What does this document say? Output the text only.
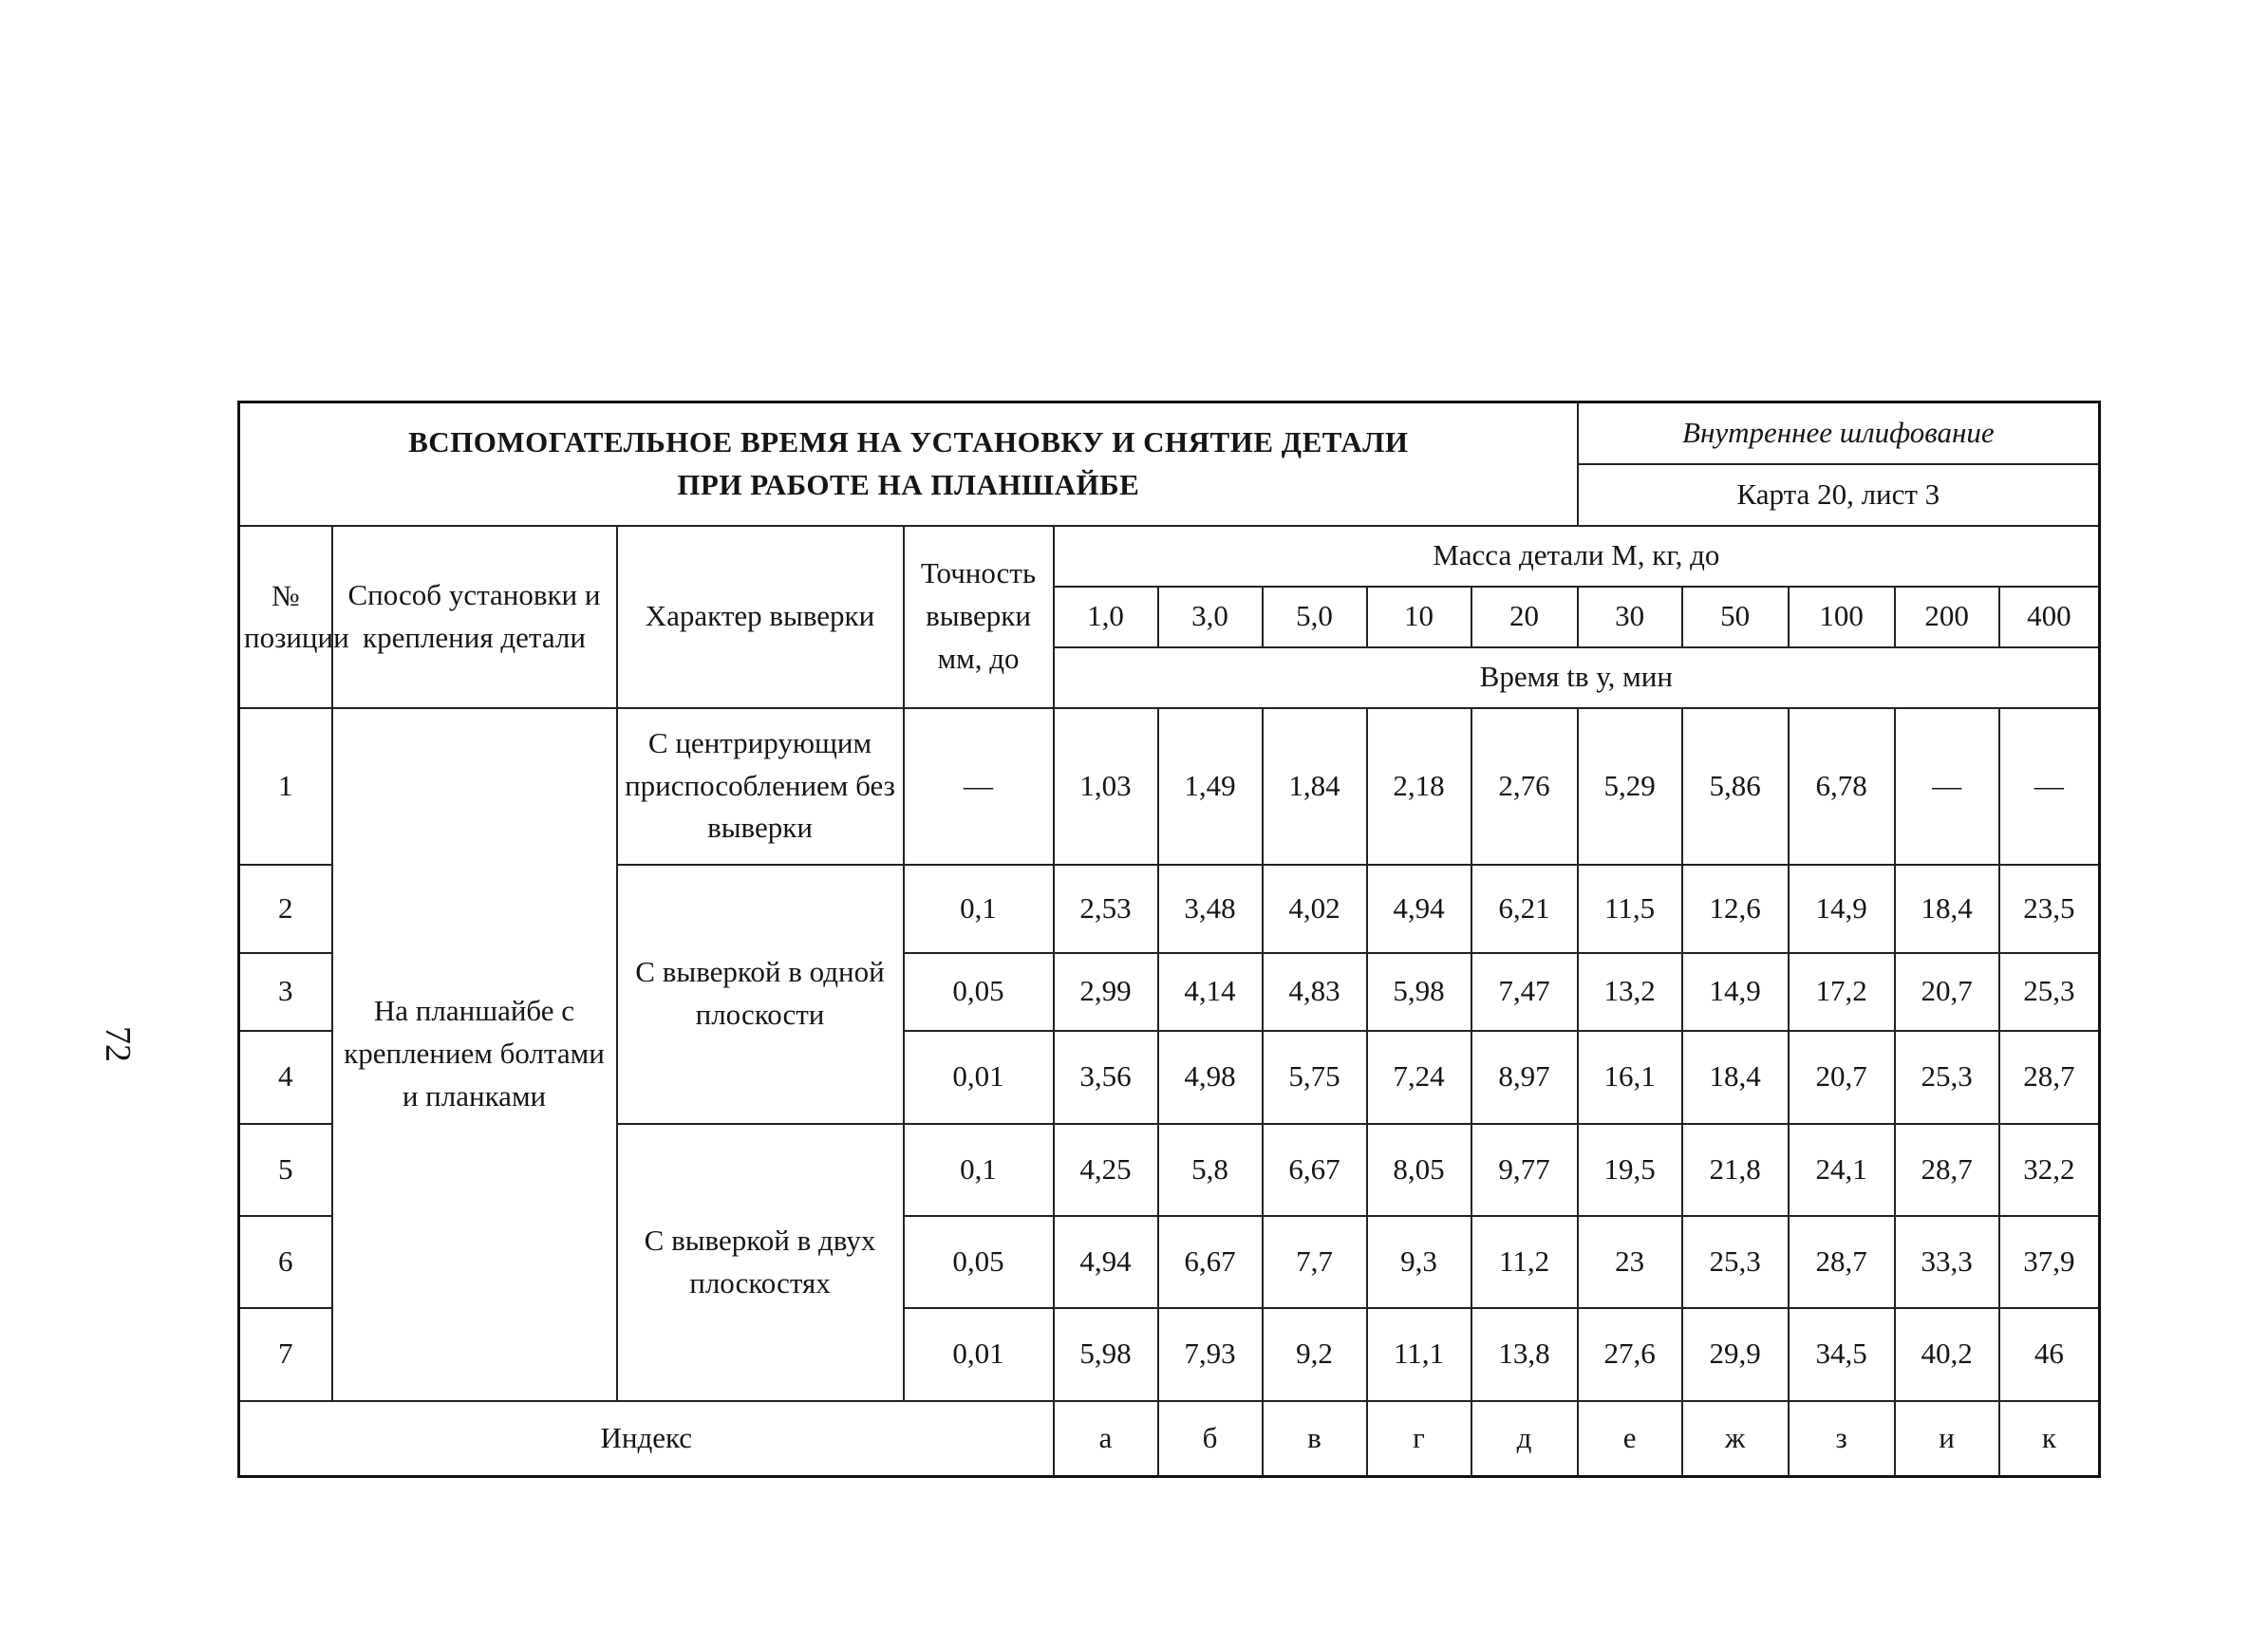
72
ВСПОМОГАТЕЛЬНОЕ ВРЕМЯ НА УСТАНОВКУ И СНЯТИЕ ДЕТАЛИ
ПРИ РАБОТЕ НА ПЛАНШАЙБЕ									Внутреннее шлифование				
									Карта 20, лист 3				
№ позиции	Способ установки и крепления детали	Характер выверки	Точность выверки мм, до	Масса детали М, кг, до									
				1,0	3,0	5,0	10	20	30	50	100	200	400
				Время tв у, мин									
1	На планшайбе с креплением болтами и планками	С центрирующим приспособлением без выверки	—	1,03	1,49	1,84	2,18	2,76	5,29	5,86	6,78	—	—
2		С выверкой в одной плоскости	0,1	2,53	3,48	4,02	4,94	6,21	11,5	12,6	14,9	18,4	23,5
3			0,05	2,99	4,14	4,83	5,98	7,47	13,2	14,9	17,2	20,7	25,3
4			0,01	3,56	4,98	5,75	7,24	8,97	16,1	18,4	20,7	25,3	28,7
5		С выверкой в двух плоскостях	0,1	4,25	5,8	6,67	8,05	9,77	19,5	21,8	24,1	28,7	32,2
6			0,05	4,94	6,67	7,7	9,3	11,2	23	25,3	28,7	33,3	37,9
7			0,01	5,98	7,93	9,2	11,1	13,8	27,6	29,9	34,5	40,2	46
Индекс				а	б	в	г	д	е	ж	з	и	к
